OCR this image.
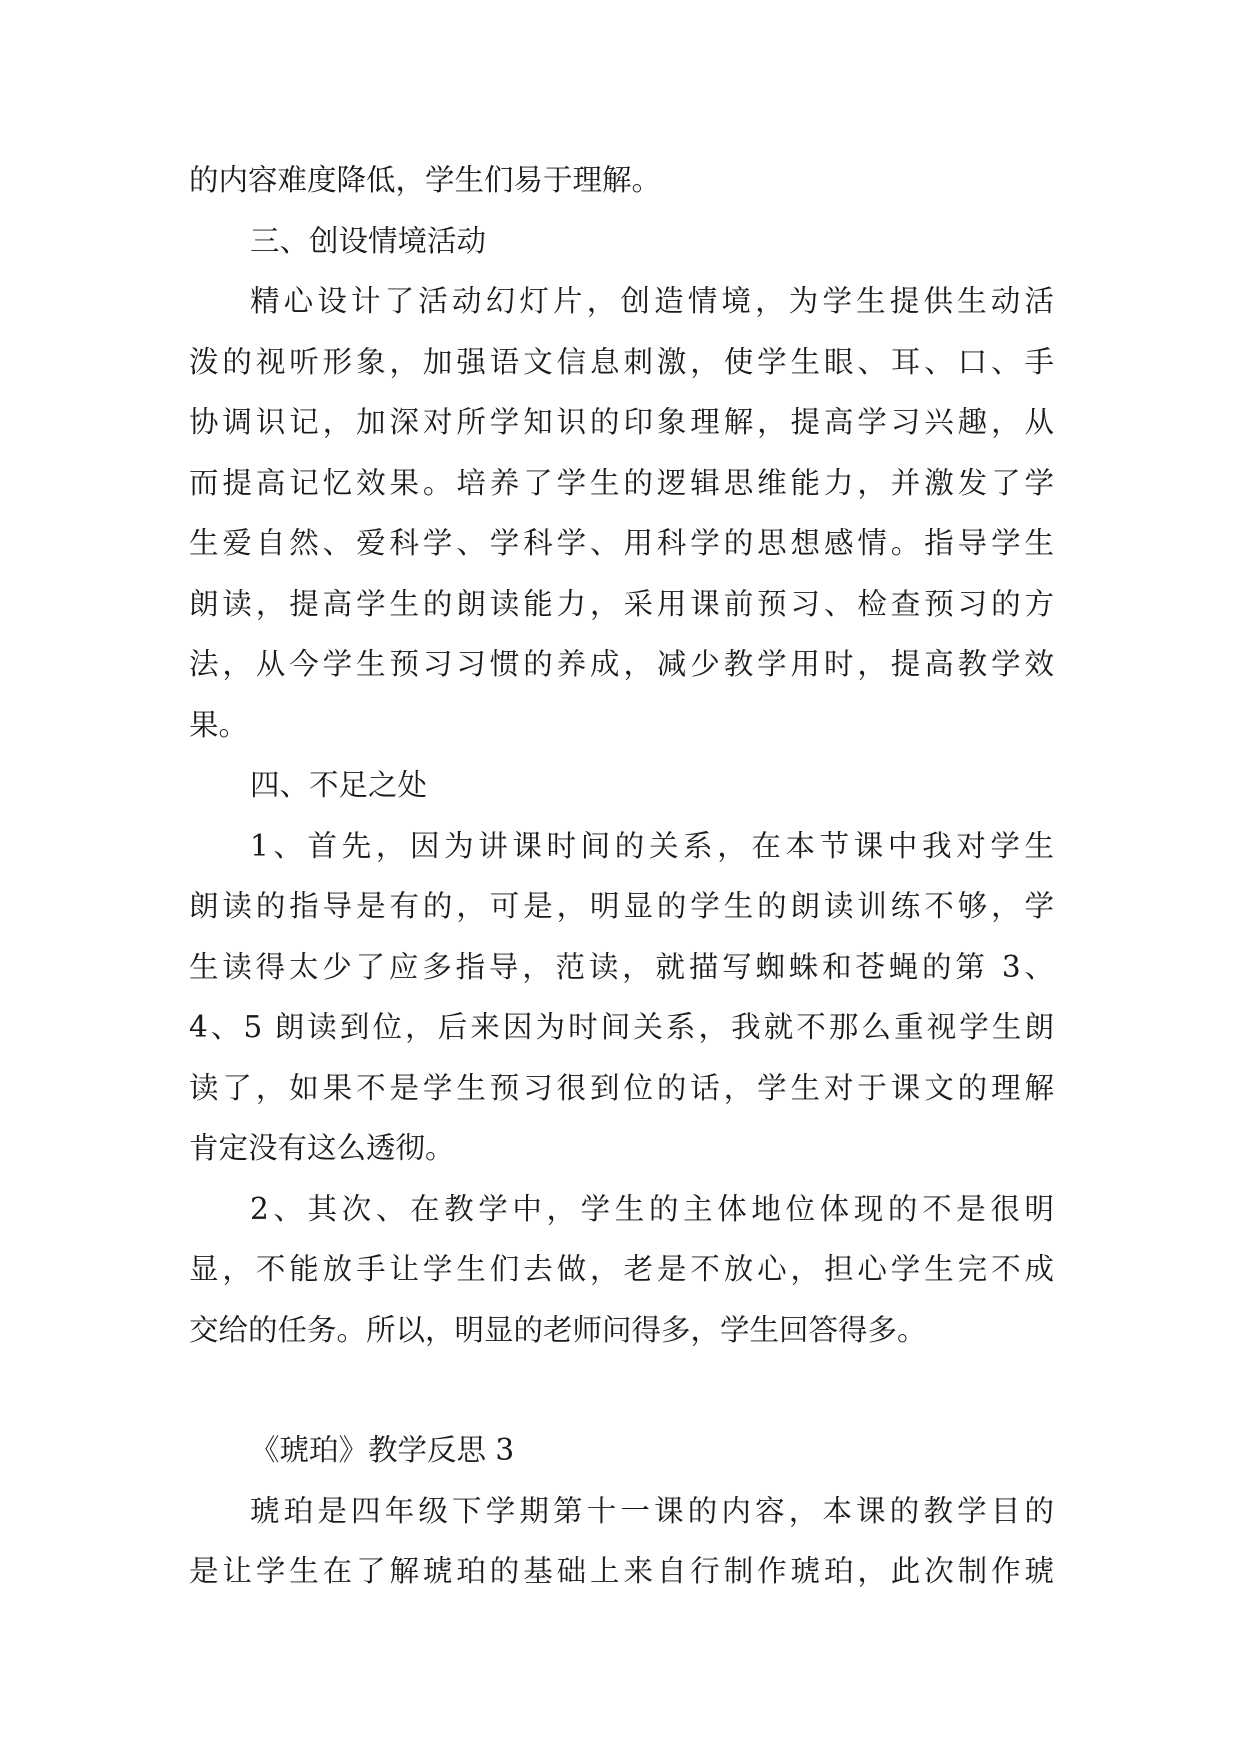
的内容难度降低，学生们易于理解。
三、创设情境活动
精心设计了活动幻灯片，创造情境，为学生提供生动活
泼的视听形象，加强语文信息刺激，使学生眼、耳、口、手
协调识记，加深对所学知识的印象理解，提高学习兴趣，从
而提高记忆效果。培养了学生的逻辑思维能力，并激发了学
生爱自然、爱科学、学科学、用科学的思想感情。指导学生
朗读，提高学生的朗读能力，采用课前预习、检查预习的方
法，从今学生预习习惯的养成，减少教学用时，提高教学效
果。
四、不足之处
1、首先，因为讲课时间的关系，在本节课中我对学生
朗读的指导是有的，可是，明显的学生的朗读训练不够，学
生读得太少了应多指导，范读，就描写蜘蛛和苍蝇的第 3、
4、5 朗读到位，后来因为时间关系，我就不那么重视学生朗
读了，如果不是学生预习很到位的话，学生对于课文的理解
肯定没有这么透彻。
2、其次、在教学中，学生的主体地位体现的不是很明
显，不能放手让学生们去做，老是不放心，担心学生完不成
交给的任务。所以，明显的老师问得多，学生回答得多。
《琥珀》教学反思 3
琥珀是四年级下学期第十一课的内容，本课的教学目的
是让学生在了解琥珀的基础上来自行制作琥珀，此次制作琥
